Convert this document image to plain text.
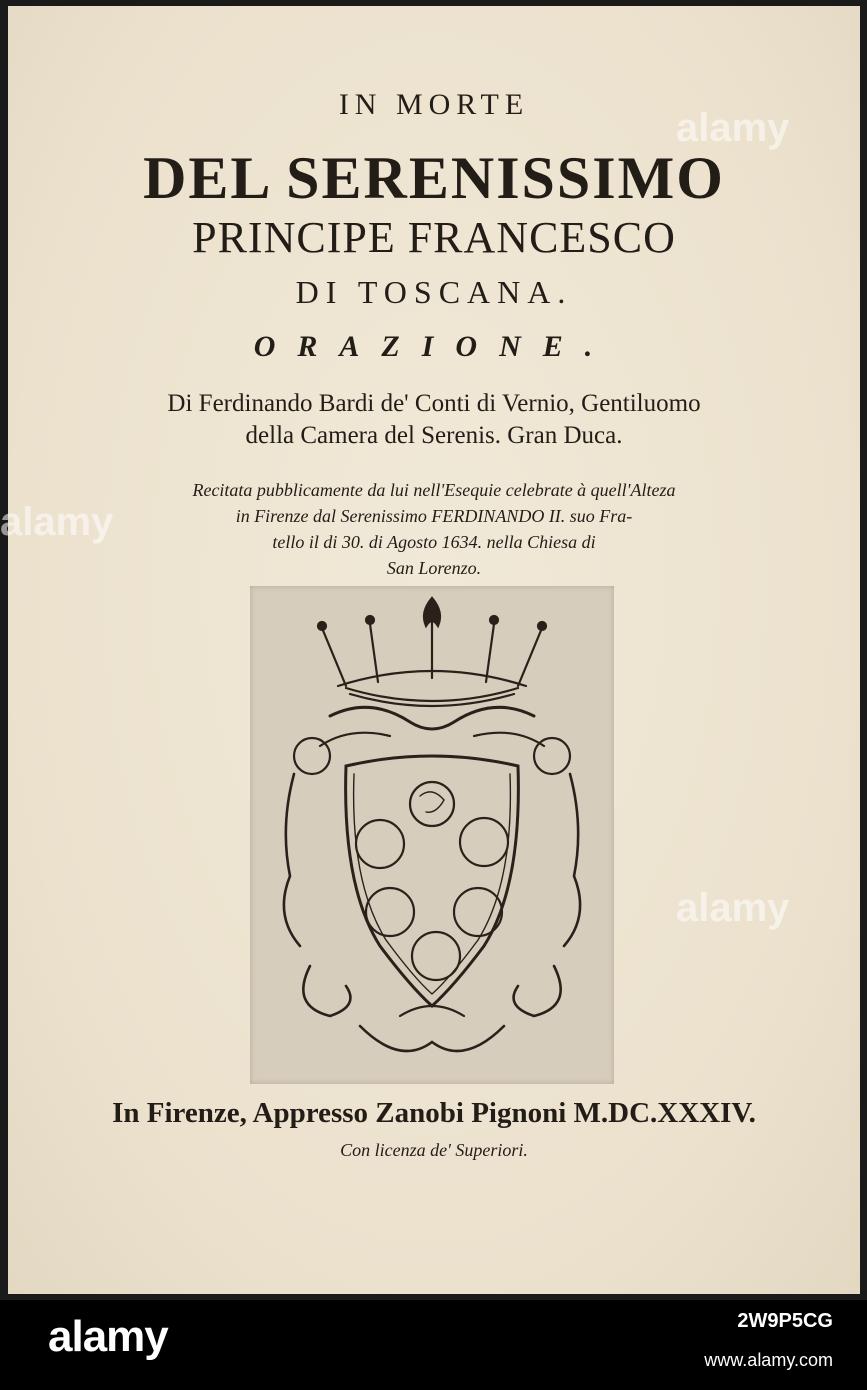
IN MORTE
DEL SERENISSIMO
PRINCIPE FRANCESCO
DI TOSCANA.
ORAZIONE.
Di Ferdinando Bardi de' Conti di Vernio, Gentiluomo
della Camera del Serenis. Gran Duca.
Recitata pubblicamente da lui nell'Esequie celebrate à quell'Alteza
in Firenze dal Serenissimo FERDINANDO II. suo Fra-
tello il di 30. di Agosto 1634. nella Chiesa di
San Lorenzo.
In Firenze, Appresso Zanobi Pignoni M.DC.XXXIV.
Con licenza de' Superiori.
alamy
alamy
alamy
alamy	2W9P5CG
www.alamy.com
